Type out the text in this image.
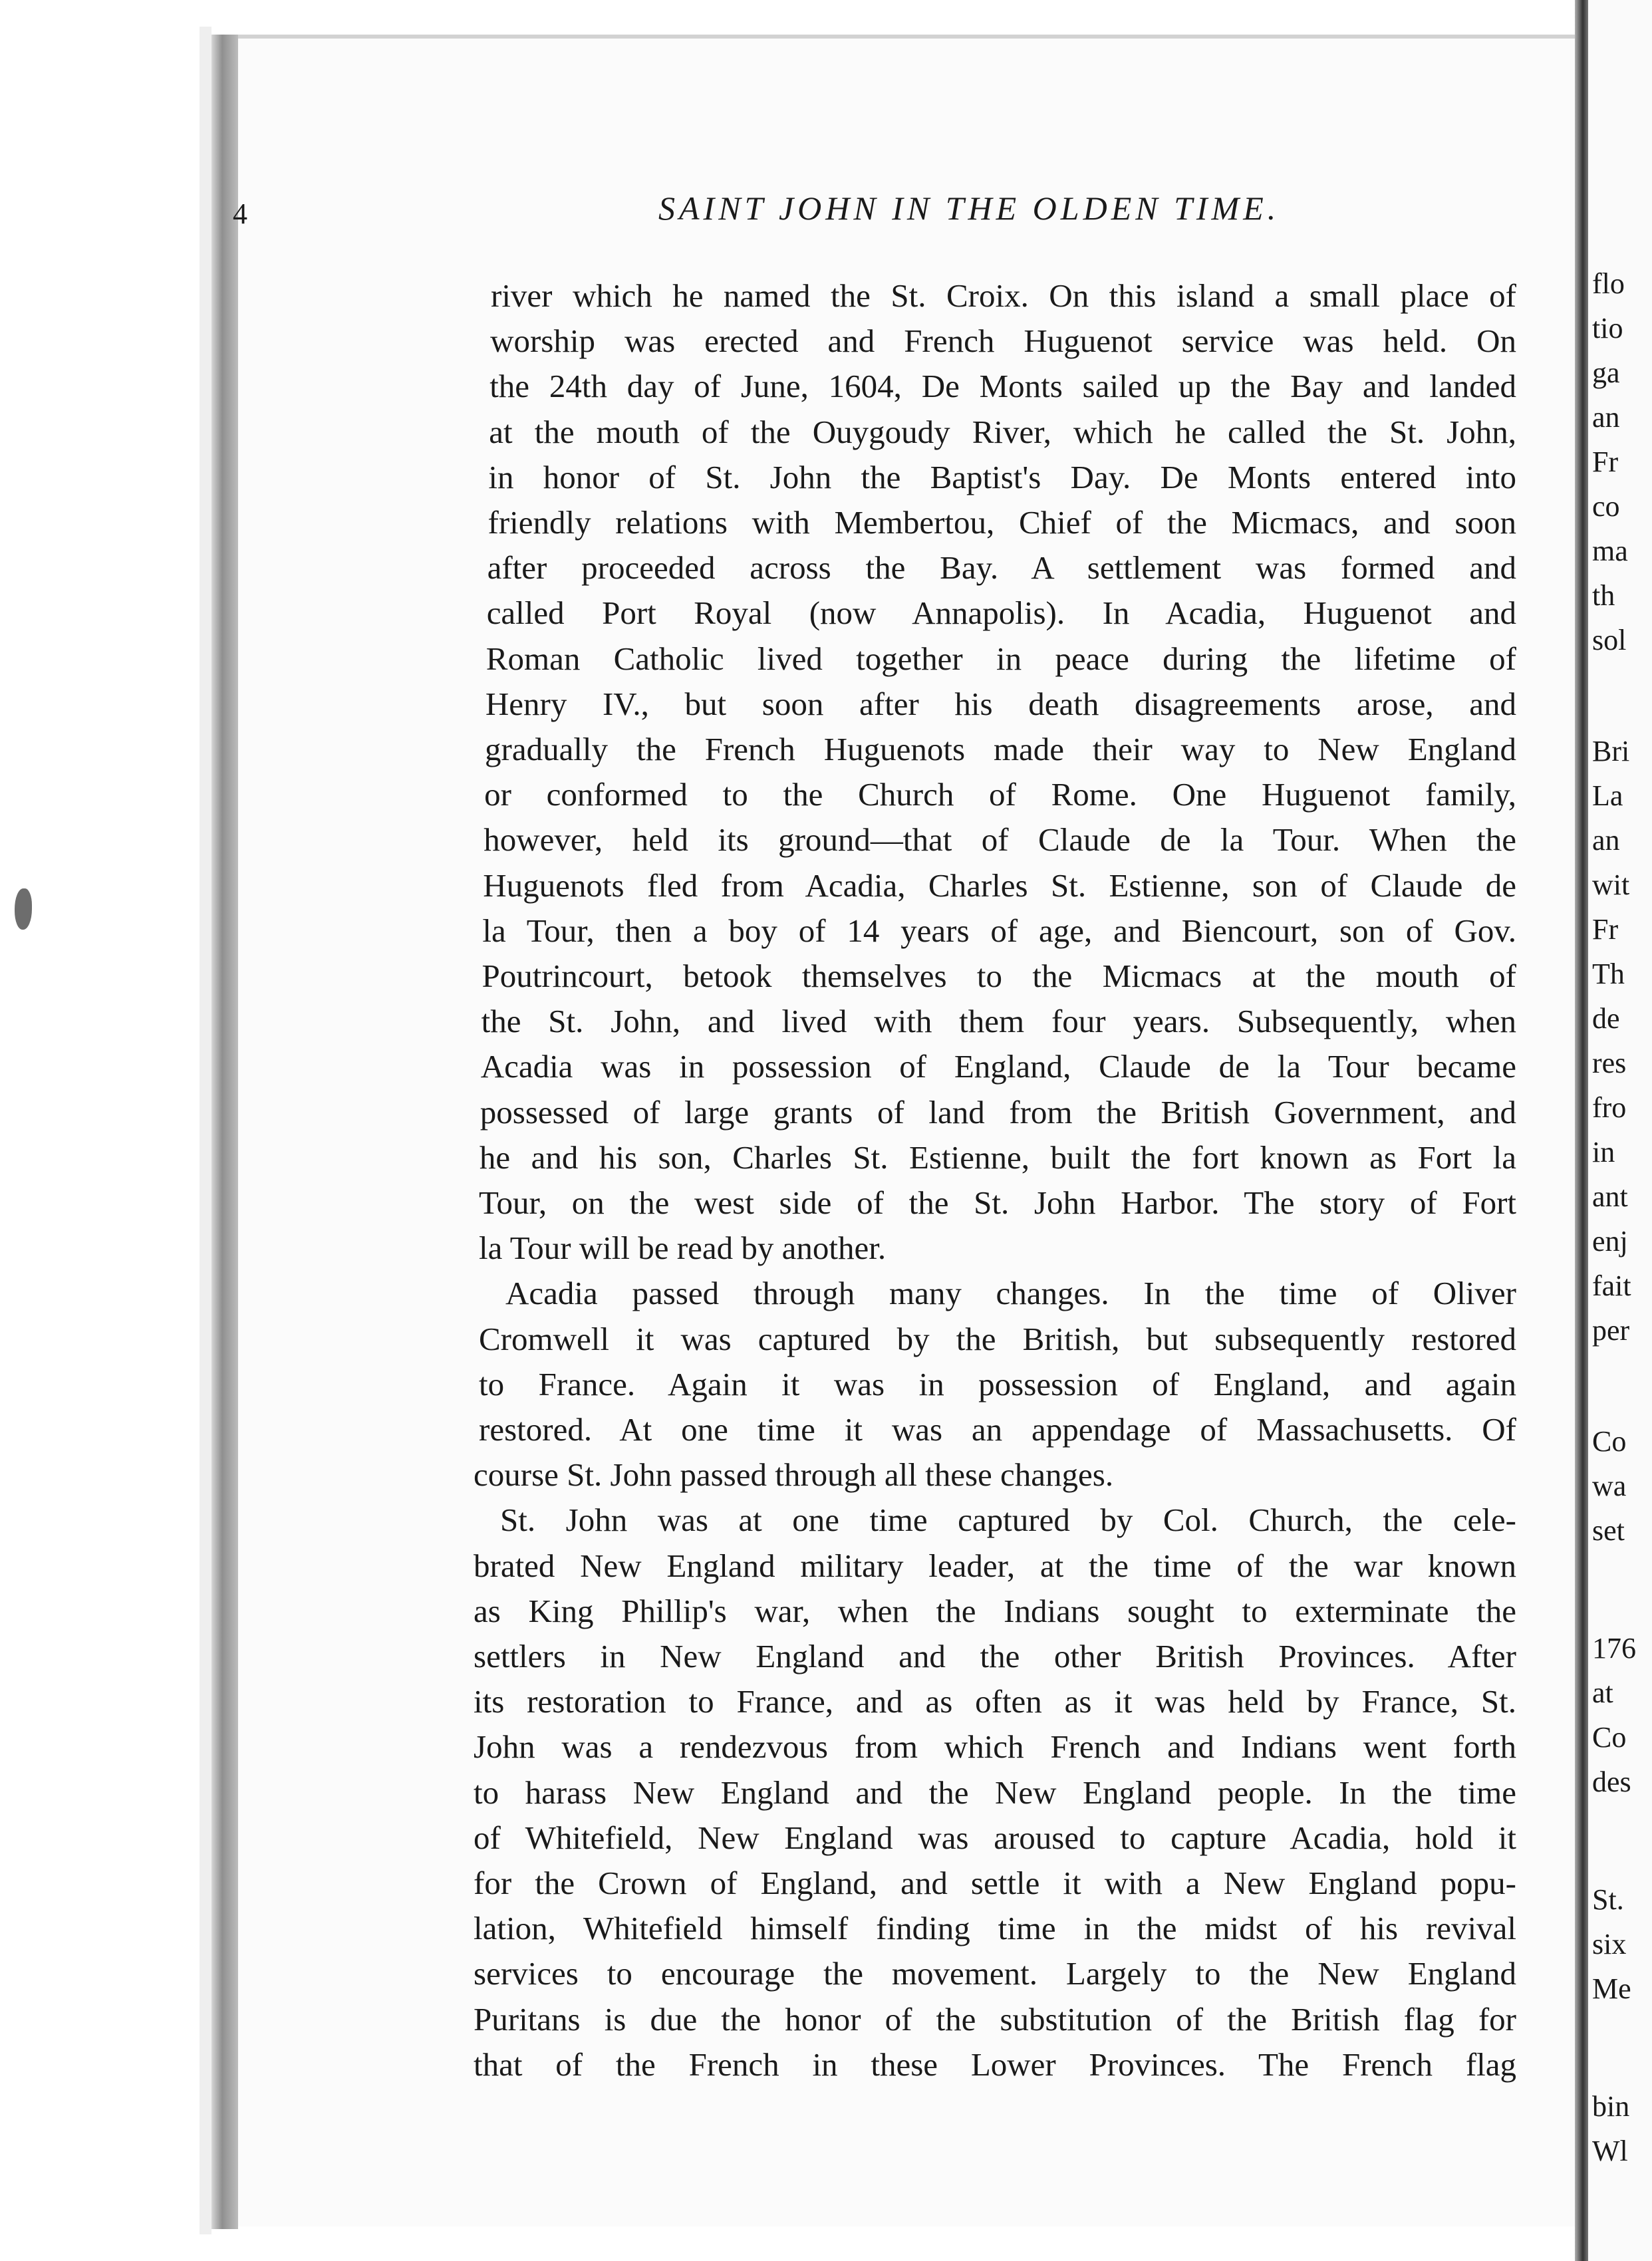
4	SAINT JOHN IN THE OLDEN TIME.
river which he named the St. Croix. On this island a small place of
worship was erected and French Huguenot service was held. On
the 24th day of June, 1604, De Monts sailed up the Bay and landed
at the mouth of the Ouygoudy River, which he called the St. John,
in honor of St. John the Baptist's Day. De Monts entered into
friendly relations with Membertou, Chief of the Micmacs, and soon
after proceeded across the Bay. A settlement was formed and
called Port Royal (now Annapolis). In Acadia, Huguenot and
Roman Catholic lived together in peace during the lifetime of
Henry IV., but soon after his death disagreements arose, and
gradually the French Huguenots made their way to New England
or conformed to the Church of Rome. One Huguenot family,
however, held its ground—that of Claude de la Tour. When the
Huguenots fled from Acadia, Charles St. Estienne, son of Claude de
la Tour, then a boy of 14 years of age, and Biencourt, son of Gov.
Poutrincourt, betook themselves to the Micmacs at the mouth of
the St. John, and lived with them four years. Subsequently, when
Acadia was in possession of England, Claude de la Tour became
possessed of large grants of land from the British Government, and
he and his son, Charles St. Estienne, built the fort known as Fort la
Tour, on the west side of the St. John Harbor. The story of Fort
la Tour will be read by another.
Acadia passed through many changes. In the time of Oliver
Cromwell it was captured by the British, but subsequently restored
to France. Again it was in possession of England, and again
restored. At one time it was an appendage of Massachusetts. Of
course St. John passed through all these changes.
St. John was at one time captured by Col. Church, the cele-
brated New England military leader, at the time of the war known
as King Phillip's war, when the Indians sought to exterminate the
settlers in New England and the other British Provinces. After
its restoration to France, and as often as it was held by France, St.
John was a rendezvous from which French and Indians went forth
to harass New England and the New England people. In the time
of Whitefield, New England was aroused to capture Acadia, hold it
for the Crown of England, and settle it with a New England popu-
lation, Whitefield himself finding time in the midst of his revival
services to encourage the movement. Largely to the New England
Puritans is due the honor of the substitution of the British flag for
that of the French in these Lower Provinces. The French flag
flo
tio
ga
an
Fr
co
ma
th
sol
Bri
La
an
wit
Fr
Th
de
res
fro
in
ant
enj
fait
per
Co
wa
set
176
at
Co
des
St.
six
Me
bin
Wl
